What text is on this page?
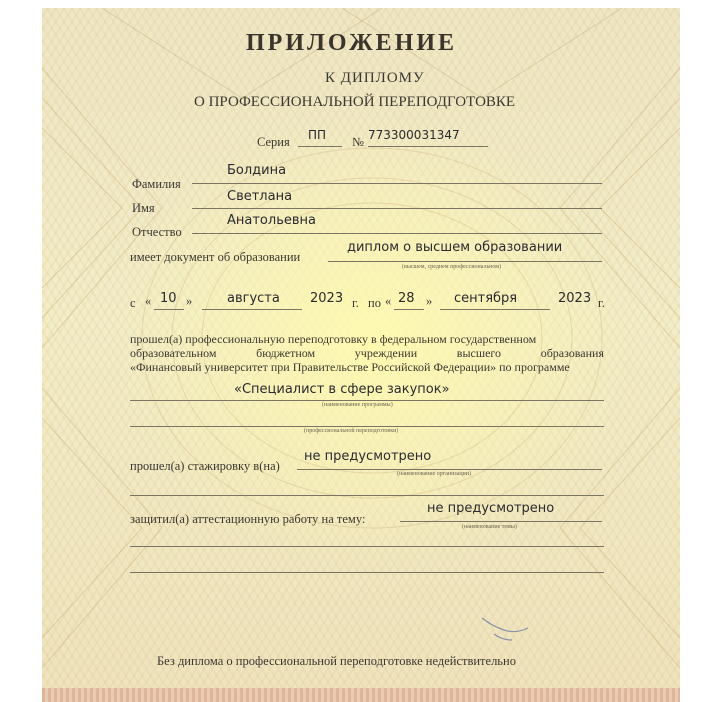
ПРИЛОЖЕНИЕ
К ДИПЛОМУ
О ПРОФЕССИОНАЛЬНОЙ ПЕРЕПОДГОТОВКЕ
Серия ПП № 773300031347
Фамилия
Болдина
Имя
Светлана
Отчество
Анатольевна
имеет документ об образовании
диплом о высшем образовании
(высшем, среднем профессиональном)
с « 10 »	августа 2023 г. по « 28 » сентября	2023 г.
прошел(а) профессиональную переподготовку в федеральном государственном
образовательном	бюджетном	учреждении	высшего	образования
«Финансовый университет при Правительстве Российской Федерации» по программе
«Специалист в сфере закупок»
(наименование программы)
(профессиональной переподготовки)
прошел(а) стажировку в(на)
не предусмотрено
(наименование организации)
защитил(а) аттестационную работу на тему:
не предусмотрено
(наименование темы)
Без диплома о профессиональной переподготовке недействительно
